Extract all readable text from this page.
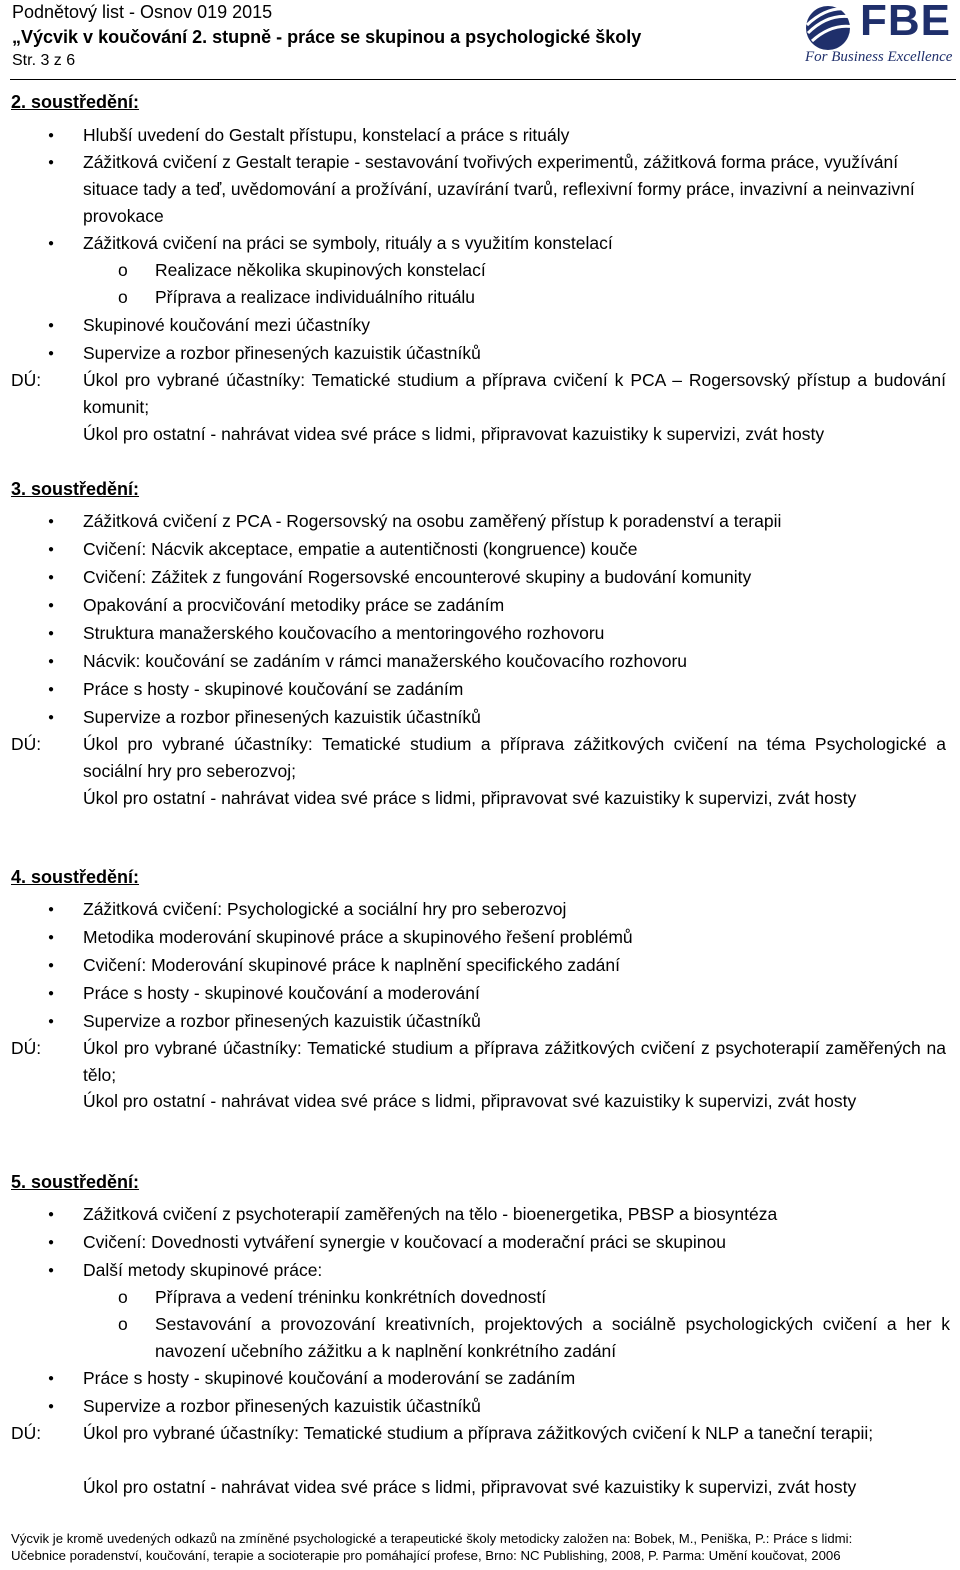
Podnětový list - Osnov 019 2015
„Výcvik v koučování 2. stupně - práce se skupinou a psychologické školy
Str. 3 z 6
FBE
For Business Excellence
2. soustředění:
● Hlubší uvedení do Gestalt přístupu, konstelací a práce s rituály
● Zážitková cvičení z Gestalt terapie - sestavování tvořivých experimentů, zážitková forma práce, využívání situace tady a teď, uvědomování a prožívání, uzavírání tvarů, reflexivní formy práce, invazivní a neinvazivní provokace
● Zážitková cvičení na práci se symboly, rituály a s využitím konstelací
o Realizace několika skupinových konstelací
o Příprava a realizace individuálního rituálu
● Skupinové koučování mezi účastníky
● Supervize a rozbor přinesených kazuistik účastníků
DÚ: Úkol pro vybrané účastníky: Tematické studium a příprava cvičení k PCA – Rogersovský přístup a budování komunit;
Úkol pro ostatní - nahrávat videa své práce s lidmi, připravovat kazuistiky k supervizi, zvát hosty
3. soustředění:
● Zážitková cvičení z PCA - Rogersovský na osobu zaměřený přístup k poradenství a terapii
● Cvičení: Nácvik akceptace, empatie a autentičnosti (kongruence) kouče
● Cvičení: Zážitek z fungování Rogersovské encounterové skupiny a budování komunity
● Opakování a procvičování metodiky práce se zadáním
● Struktura manažerského koučovacího a mentoringového rozhovoru
● Nácvik: koučování se zadáním v rámci manažerského koučovacího rozhovoru
● Práce s hosty - skupinové koučování se zadáním
● Supervize a rozbor přinesených kazuistik účastníků
DÚ: Úkol pro vybrané účastníky: Tematické studium a příprava zážitkových cvičení na téma Psychologické a sociální hry pro seberozvoj;
Úkol pro ostatní - nahrávat videa své práce s lidmi, připravovat své kazuistiky k supervizi, zvát hosty
4. soustředění:
● Zážitková cvičení: Psychologické a sociální hry pro seberozvoj
● Metodika moderování skupinové práce a skupinového řešení problémů
● Cvičení: Moderování skupinové práce k naplnění specifického zadání
● Práce s hosty - skupinové koučování a moderování
● Supervize a rozbor přinesených kazuistik účastníků
DÚ: Úkol pro vybrané účastníky: Tematické studium a příprava zážitkových cvičení z psychoterapií zaměřených na tělo;
Úkol pro ostatní - nahrávat videa své práce s lidmi, připravovat své kazuistiky k supervizi, zvát hosty
5. soustředění:
● Zážitková cvičení z psychoterapií zaměřených na tělo - bioenergetika, PBSP a biosyntéza
● Cvičení: Dovednosti vytváření synergie v koučovací a moderační práci se skupinou
● Další metody skupinové práce:
o Příprava a vedení tréninku konkrétních dovedností
o Sestavování a provozování kreativních, projektových a sociálně psychologických cvičení a her k navození učebního zážitku a k naplnění konkrétního zadání
● Práce s hosty - skupinové koučování a moderování se zadáním
● Supervize a rozbor přinesených kazuistik účastníků
DÚ: Úkol pro vybrané účastníky: Tematické studium a příprava zážitkových cvičení k NLP a taneční terapii;
Úkol pro ostatní - nahrávat videa své práce s lidmi, připravovat své kazuistiky k supervizi, zvát hosty
Výcvik je kromě uvedených odkazů na zmíněné psychologické a terapeutické školy metodicky založen na: Bobek, M., Peniška, P.: Práce s lidmi:
Učebnice poradenství, koučování, terapie a socioterapie pro pomáhající profese, Brno: NC Publishing, 2008, P. Parma: Umění koučovat, 2006
